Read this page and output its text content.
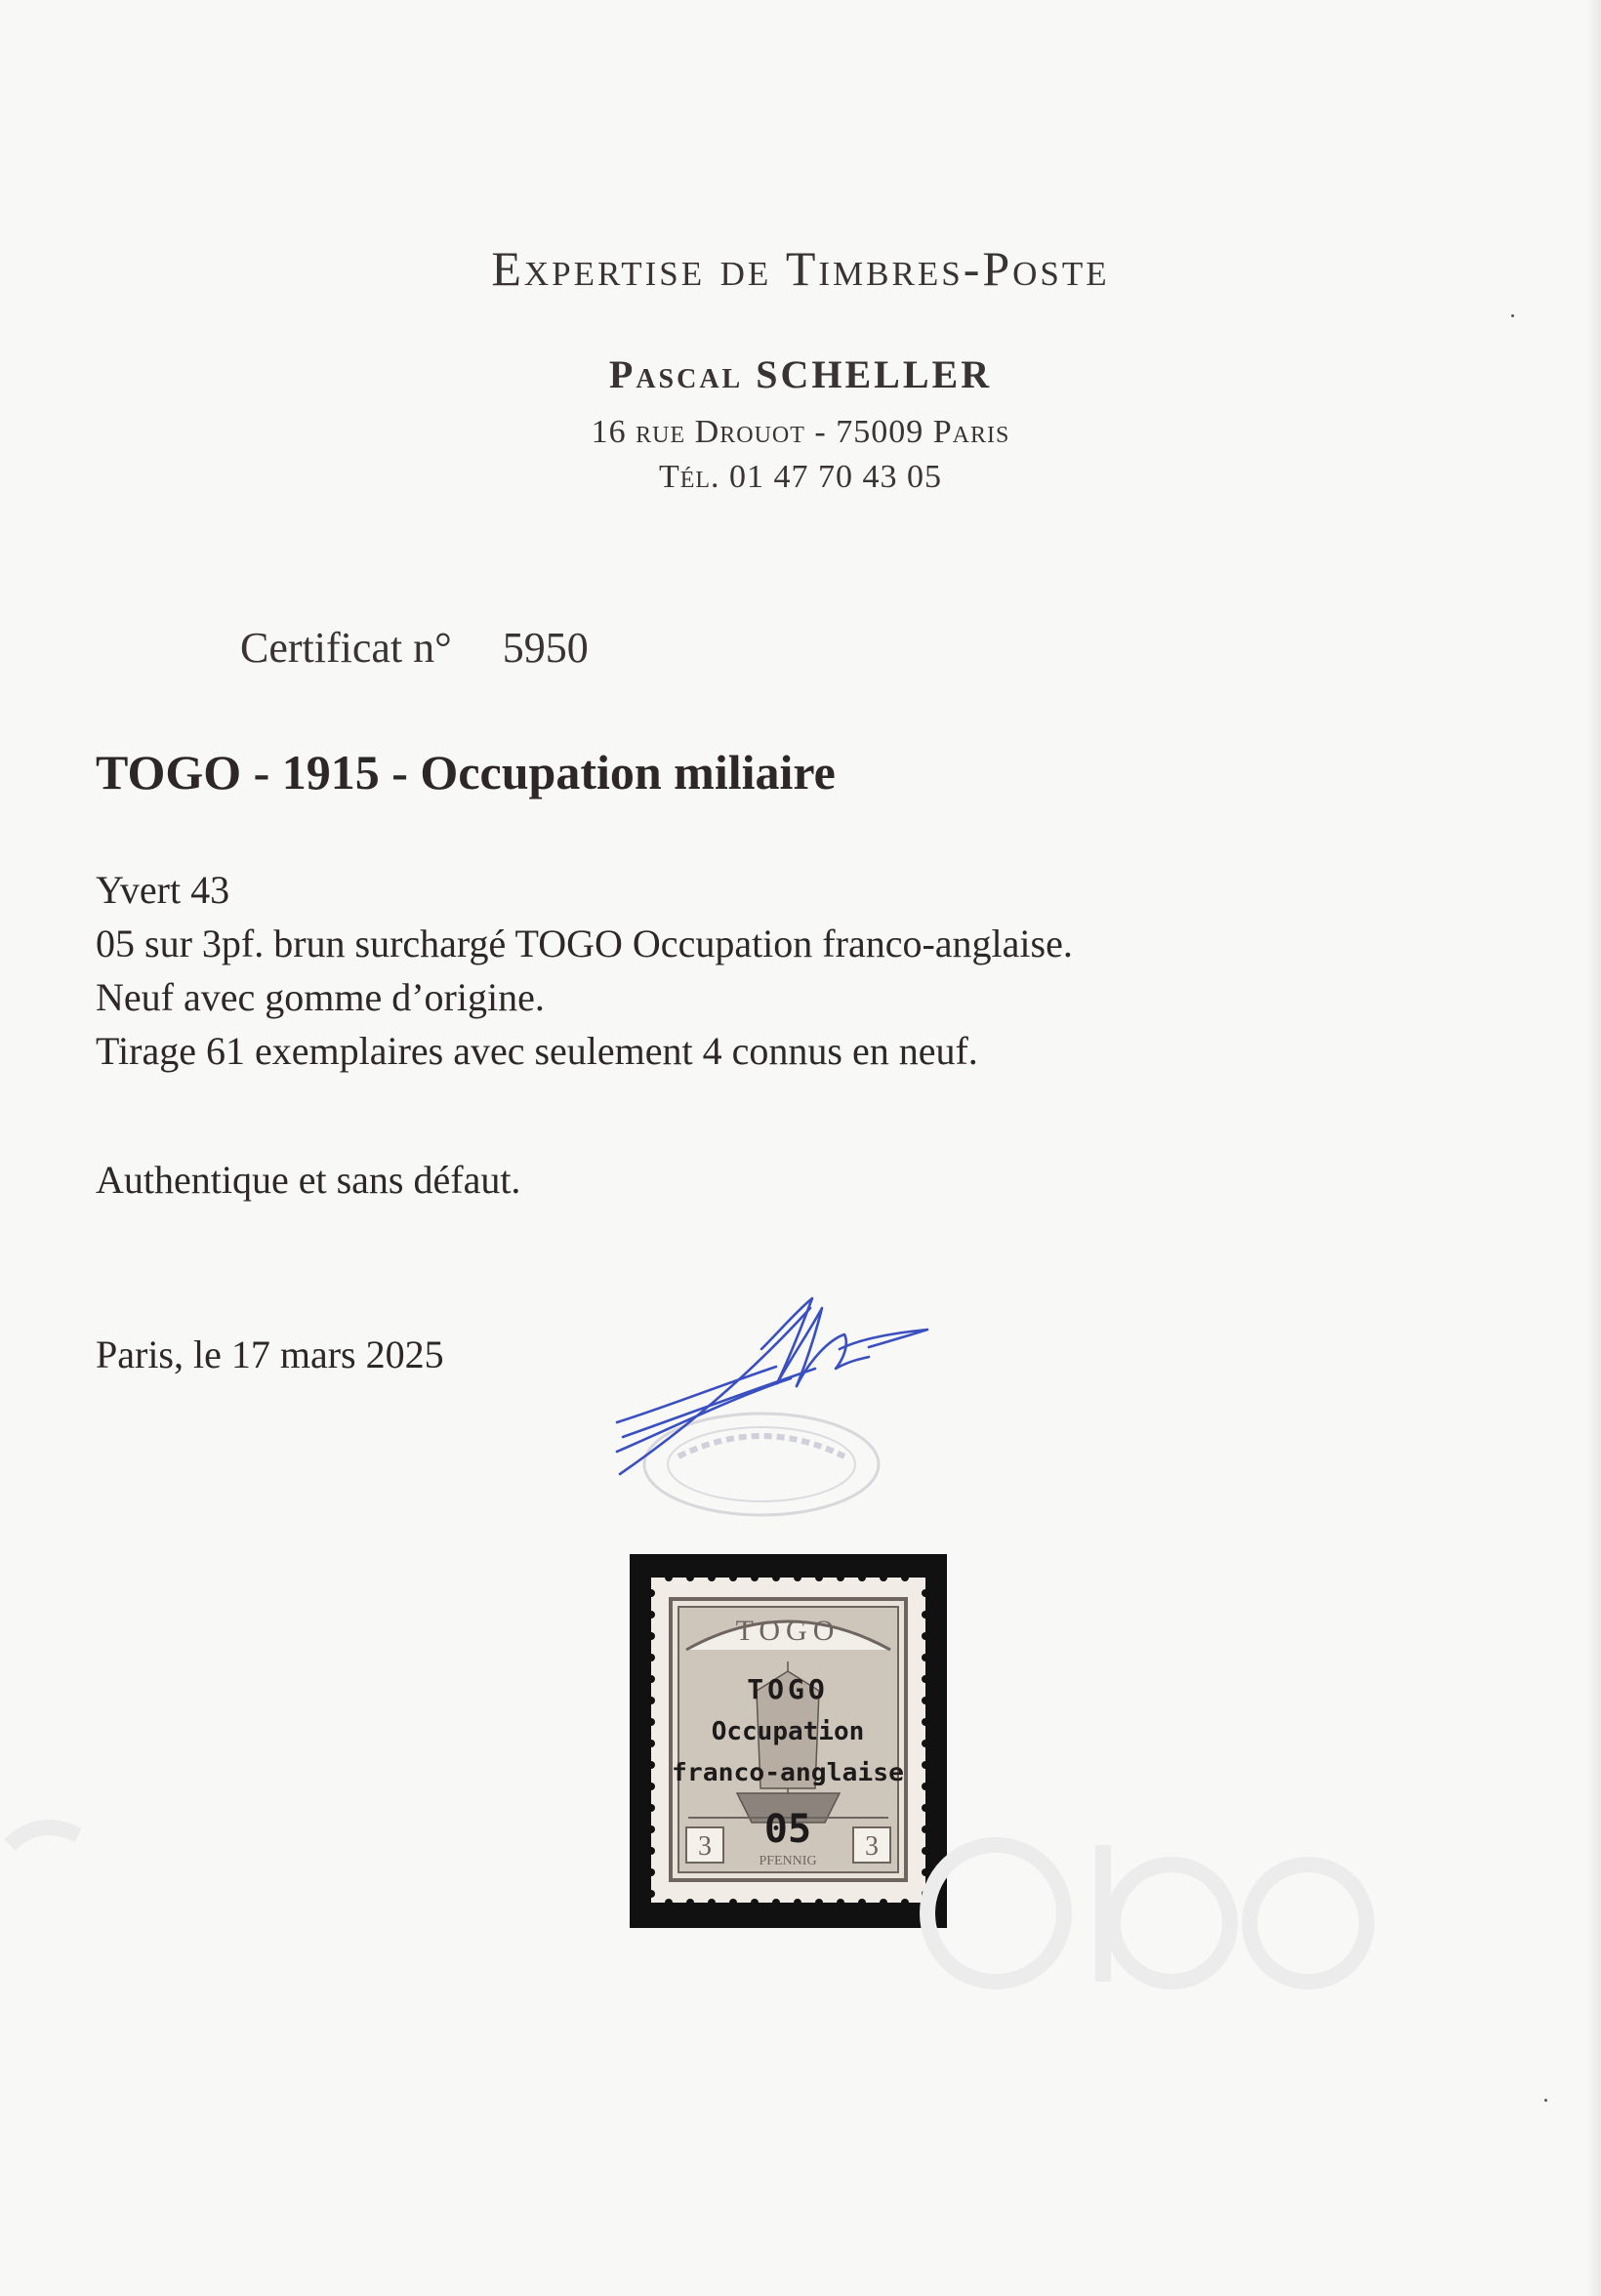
Expertise de Timbres-Poste
Pascal SCHELLER
16 rue Drouot - 75009 Paris
Tél. 01 47 70 43 05
Certificat n° 5950
TOGO - 1915 - Occupation miliaire
Yvert 43
05 sur 3pf. brun surchargé TOGO Occupation franco-anglaise.
Neuf avec gomme d’origine.
Tirage 61 exemplaires avec seulement 4 connus en neuf.
Authentique et sans défaut.
Paris, le 17 mars 2025
TOGO
3	3
PFENNIG
TOGO
Occupation
franco-anglaise
05
